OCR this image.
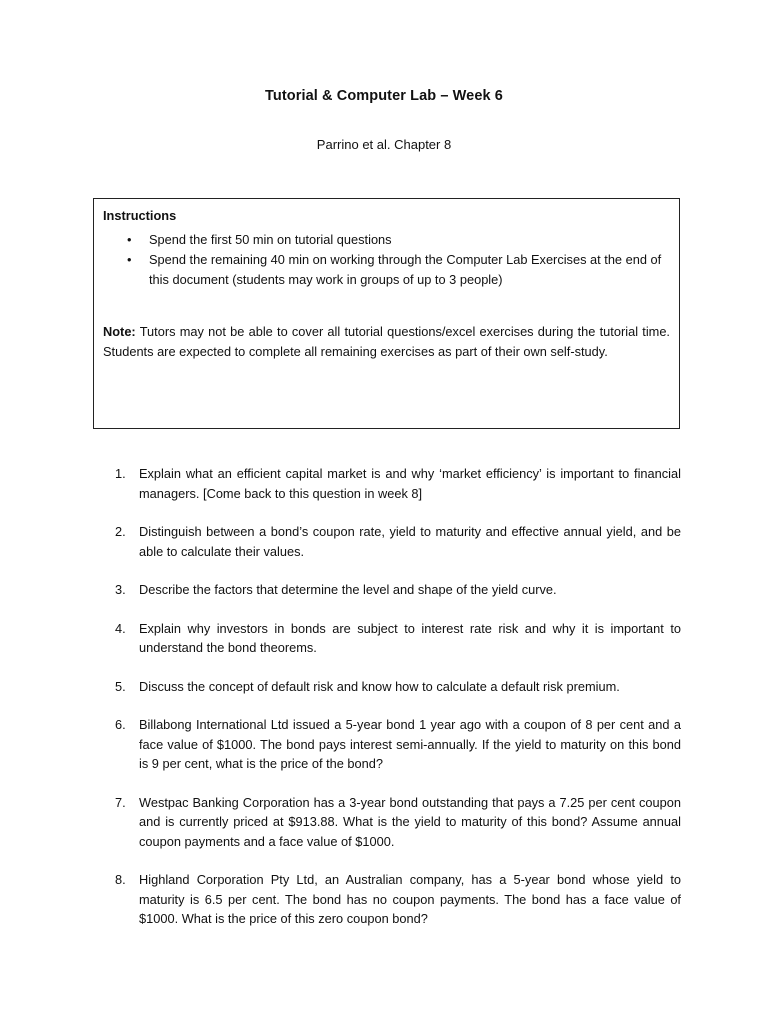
Tutorial & Computer Lab – Week 6
Parrino et al. Chapter 8

Instructions

• Spend the first 50 min on tutorial questions
• Spend the remaining 40 min on working through the Computer Lab Exercises at the end of this document (students may work in groups of up to 3 people)
Note: Tutors may not be able to cover all tutorial questions/excel exercises during the tutorial time. Students are expected to complete all remaining exercises as part of their own self-study.
1. Explain what an efficient capital market is and why ‘market efficiency’ is important to financial managers. [Come back to this question in week 8]
2. Distinguish between a bond’s coupon rate, yield to maturity and effective annual yield, and be able to calculate their values.
3. Describe the factors that determine the level and shape of the yield curve.
4. Explain why investors in bonds are subject to interest rate risk and why it is important to understand the bond theorems.
5. Discuss the concept of default risk and know how to calculate a default risk premium.
6. Billabong International Ltd issued a 5-year bond 1 year ago with a coupon of 8 per cent and a face value of $1000. The bond pays interest semi-annually. If the yield to maturity on this bond is 9 per cent, what is the price of the bond?
7. Westpac Banking Corporation has a 3-year bond outstanding that pays a 7.25 per cent coupon and is currently priced at $913.88. What is the yield to maturity of this bond? Assume annual coupon payments and a face value of $1000.
8. Highland Corporation Pty Ltd, an Australian company, has a 5-year bond whose yield to maturity is 6.5 per cent. The bond has no coupon payments. The bond has a face value of $1000. What is the price of this zero coupon bond?
